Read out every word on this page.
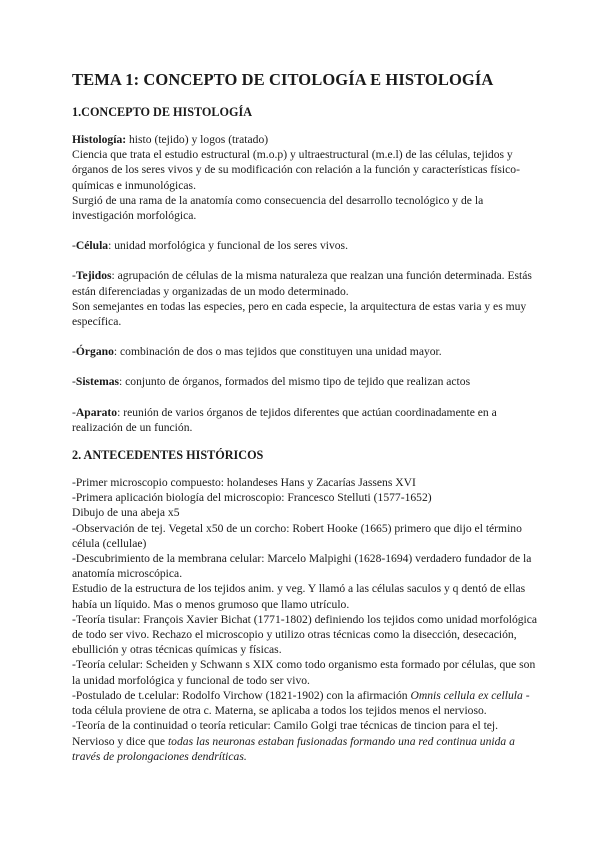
TEMA 1: CONCEPTO DE CITOLOGÍA E HISTOLOGÍA
1.CONCEPTO DE HISTOLOGÍA

Histología: histo (tejido) y logos (tratado)

Ciencia que trata el estudio estructural (m.o.p) y ultraestructural (m.e.l) de las células, tejidos y órganos de los seres vivos y de su modificación con relación a la función y características físico-químicas e inmunológicas.

Surgió de una rama de la anatomía como consecuencia del desarrollo tecnológico y de la investigación morfológica.

-Célula: unidad morfológica y funcional de los seres vivos.

-Tejidos: agrupación de células de la misma naturaleza que realzan una función determinada. Estás están diferenciadas y organizadas de un modo determinado.

Son semejantes en todas las especies, pero en cada especie, la arquitectura de estas varia y es muy específica.

-Órgano: combinación de dos o mas tejidos que constituyen una unidad mayor.

-Sistemas: conjunto de órganos, formados del mismo tipo de tejido que realizan actos

-Aparato: reunión de varios órganos de tejidos diferentes que actúan coordinadamente en a realización de un función.

2. ANTECEDENTES HISTÓRICOS

-Primer microscopio compuesto: holandeses Hans y Zacarías Jassens XVI

-Primera aplicación biología del microscopio: Francesco Stelluti (1577-1652)

Dibujo de una abeja x5

-Observación de tej. Vegetal x50 de un corcho: Robert Hooke (1665) primero que dijo el término célula (cellulae)

-Descubrimiento de la membrana celular: Marcelo Malpighi (1628-1694) verdadero fundador de la anatomía microscópica.

Estudio de la estructura de los tejidos anim. y veg. Y llamó a las células saculos y q dentó de ellas había un líquido. Mas o menos grumoso que llamo utrículo.

-Teoría tisular: François Xavier Bichat (1771-1802) definiendo los tejidos como unidad morfológica de todo ser vivo. Rechazo el microscopio y utilizo otras técnicas como la disección, desecación, ebullición y otras técnicas químicas y físicas.

-Teoría celular: Scheiden y Schwann s XIX como todo organismo esta formado por células, que son la unidad morfológica y funcional de todo ser vivo.

-Postulado de t.celular: Rodolfo Virchow (1821-1902) con la afirmación Omnis cellula ex cellula - toda célula proviene de otra c. Materna, se aplicaba a todos los tejidos menos el nervioso.

-Teoría de la continuidad o teoría reticular: Camilo Golgi trae técnicas de tincion para el tej. Nervioso y dice que todas las neuronas estaban fusionadas formando una red continua unida a través de prolongaciones dendríticas.
